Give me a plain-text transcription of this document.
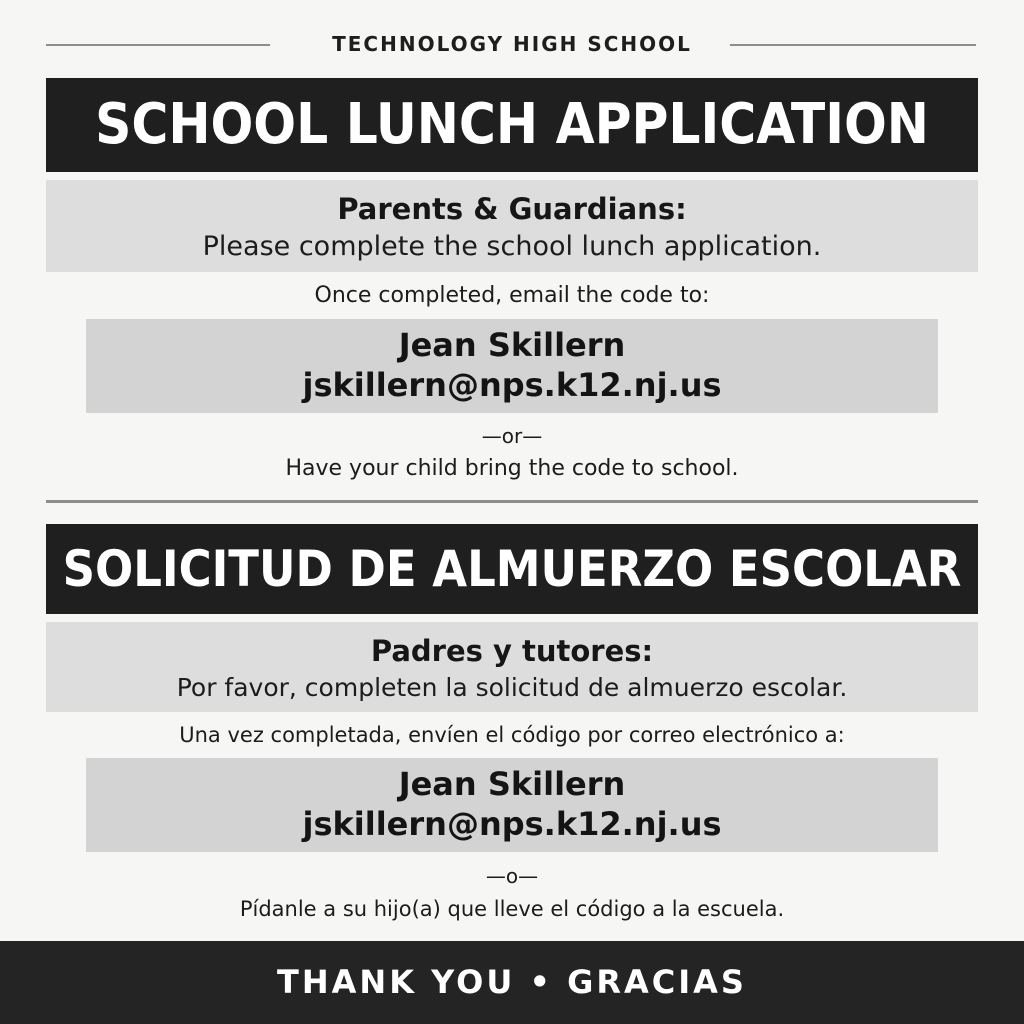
TECHNOLOGY HIGH SCHOOL
SCHOOL LUNCH APPLICATION
Parents & Guardians:
Please complete the school lunch application.
Once completed, email the code to:
Jean Skillern
jskillern@nps.k12.nj.us
—or—
Have your child bring the code to school.
SOLICITUD DE ALMUERZO ESCOLAR
Padres y tutores:
Por favor, completen la solicitud de almuerzo escolar.
Una vez completada, envíen el código por correo electrónico a:
Jean Skillern
jskillern@nps.k12.nj.us
—o—
Pídanle a su hijo(a) que lleve el código a la escuela.
THANK YOU • GRACIAS
